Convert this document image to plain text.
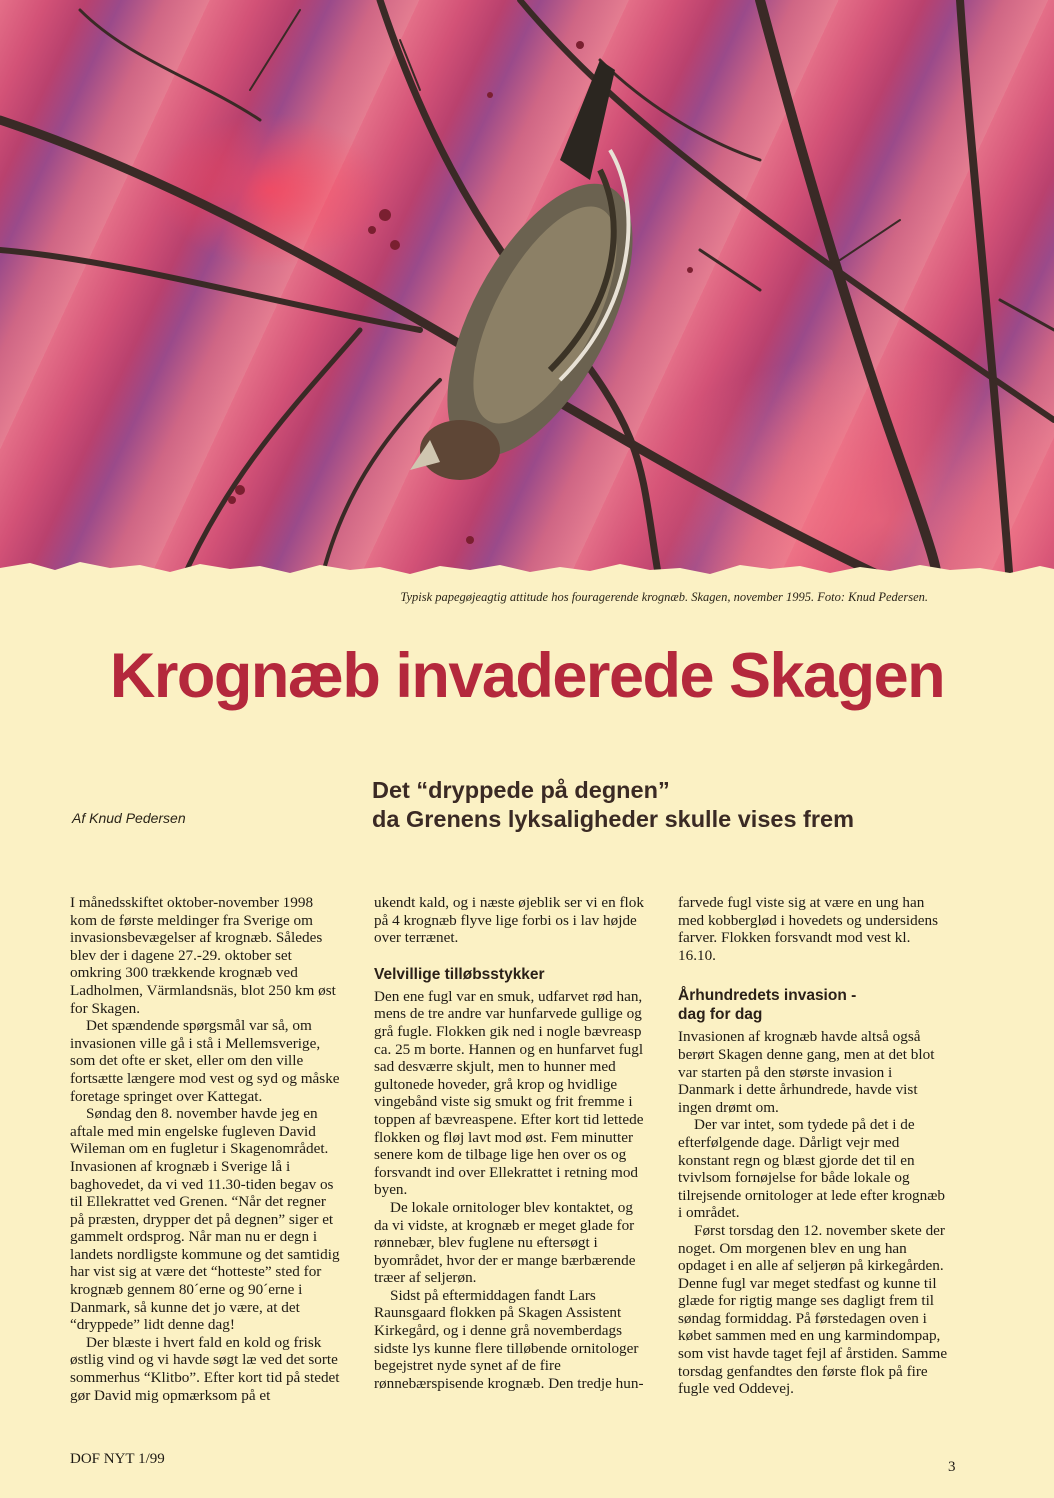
Typisk papegøjeagtig attitude hos fouragerende krognæb. Skagen, november 1995. Foto: Knud Pedersen.
Krognæb invaderede Skagen
Af Knud Pedersen
Det “dryppede på degnen”
da Grenens lyksaligheder skulle vises frem

I månedsskiftet oktober-november 1998 kom de første meldinger fra Sverige om invasionsbevægelser af krognæb. Således blev der i dagene 27.-29. oktober set omkring 300 trækkende krognæb ved Ladholmen, Värmlandsnäs, blot 250 km øst for Skagen.

Det spændende spørgsmål var så, om invasionen ville gå i stå i Mellemsverige, som det ofte er sket, eller om den ville fortsætte længere mod vest og syd og måske foretage springet over Kattegat.

Søndag den 8. november havde jeg en aftale med min engelske fugleven David Wileman om en fugletur i Skagenområdet. Invasionen af krognæb i Sverige lå i baghovedet, da vi ved 11.30-tiden begav os til Ellekrattet ved Grenen. “Når det regner på præsten, drypper det på degnen” siger et gammelt ordsprog. Når man nu er degn i landets nordligste kommune og det samtidig har vist sig at være det “hotteste” sted for krognæb gennem 80´erne og 90´erne i Danmark, så kunne det jo være, at det “dryppede” lidt denne dag!

Der blæste i hvert fald en kold og frisk østlig vind og vi havde søgt læ ved det sorte sommerhus “Klitbo”. Efter kort tid på stedet gør David mig opmærksom på et

ukendt kald, og i næste øjeblik ser vi en flok på 4 krognæb flyve lige forbi os i lav højde over terrænet.

Velvillige tilløbsstykker

Den ene fugl var en smuk, udfarvet rød han, mens de tre andre var hunfarvede gullige og grå fugle. Flokken gik ned i nogle bævreasp ca. 25 m borte. Hannen og en hunfarvet fugl sad desværre skjult, men to hunner med gultonede hoveder, grå krop og hvidlige vingebånd viste sig smukt og frit fremme i toppen af bævreaspene. Efter kort tid lettede flokken og fløj lavt mod øst. Fem minutter senere kom de tilbage lige hen over os og forsvandt ind over Ellekrattet i retning mod byen.

De lokale ornitologer blev kontaktet, og da vi vidste, at krognæb er meget glade for rønnebær, blev fuglene nu eftersøgt i byområdet, hvor der er mange bærbærende træer af seljerøn.

Sidst på eftermiddagen fandt Lars Raunsgaard flokken på Skagen Assistent Kirkegård, og i denne grå novemberdags sidste lys kunne flere tilløbende ornitologer begejstret nyde synet af de fire rønnebærspisende krognæb. Den tredje hun-

farvede fugl viste sig at være en ung han med kobberglød i hovedets og undersidens farver. Flokken forsvandt mod vest kl. 16.10.

Århundredets invasion -
dag for dag

Invasionen af krognæb havde altså også berørt Skagen denne gang, men at det blot var starten på den største invasion i Danmark i dette århundrede, havde vist ingen drømt om.

Der var intet, som tydede på det i de efterfølgende dage. Dårligt vejr med konstant regn og blæst gjorde det til en tvivlsom fornøjelse for både lokale og tilrejsende ornitologer at lede efter krognæb i området.

Først torsdag den 12. november skete der noget. Om morgenen blev en ung han opdaget i en alle af seljerøn på kirkegården. Denne fugl var meget stedfast og kunne til glæde for rigtig mange ses dagligt frem til søndag formiddag. På førstedagen oven i købet sammen med en ung karmindompap, som vist havde taget fejl af årstiden. Samme torsdag genfandtes den første flok på fire fugle ved Oddevej.

DOF NYT 1/99	3
